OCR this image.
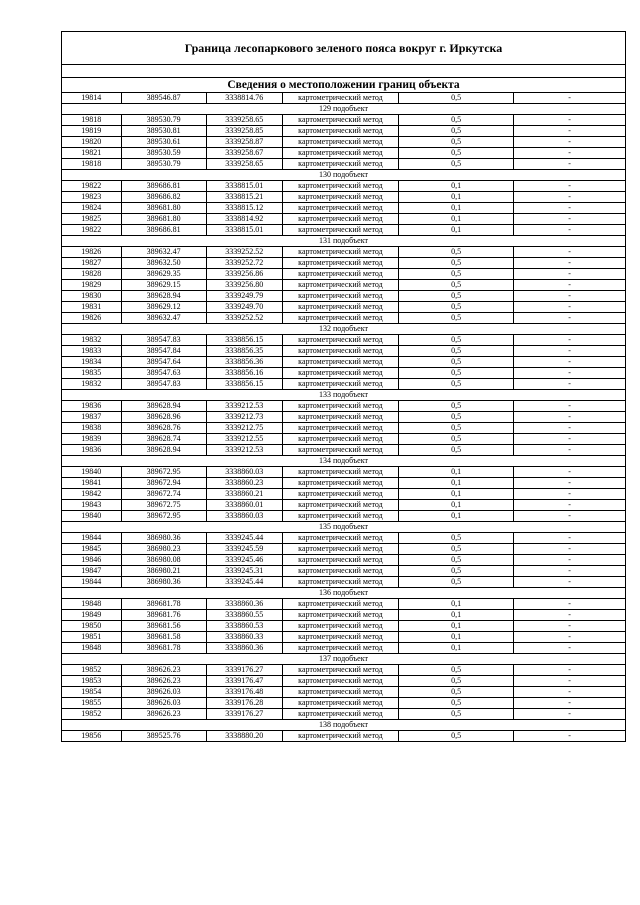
Граница лесопаркового зеленого пояса вокруг г. Иркутска
Сведения о местоположении границ объекта
19814	389546.87	3338814.76	картометрический метод	0,5	-
129 подобъект					
19818	389530.79	3339258.65	картометрический метод	0,5	-
19819	389530.81	3339258.85	картометрический метод	0,5	-
19820	389530.61	3339258.87	картометрический метод	0,5	-
19821	389530.59	3339258.67	картометрический метод	0,5	-
19818	389530.79	3339258.65	картометрический метод	0,5	-
130 подобъект					
19822	389686.81	3338815.01	картометрический метод	0,1	-
19823	389686.82	3338815.21	картометрический метод	0,1	-
19824	389681.80	3338815.12	картометрический метод	0,1	-
19825	389681.80	3338814.92	картометрический метод	0,1	-
19822	389686.81	3338815.01	картометрический метод	0,1	-
131 подобъект					
19826	389632.47	3339252.52	картометрический метод	0,5	-
19827	389632.50	3339252.72	картометрический метод	0,5	-
19828	389629.35	3339256.86	картометрический метод	0,5	-
19829	389629.15	3339256.80	картометрический метод	0,5	-
19830	389628.94	3339249.79	картометрический метод	0,5	-
19831	389629.12	3339249.70	картометрический метод	0,5	-
19826	389632.47	3339252.52	картометрический метод	0,5	-
132 подобъект					
19832	389547.83	3338856.15	картометрический метод	0,5	-
19833	389547.84	3338856.35	картометрический метод	0,5	-
19834	389547.64	3338856.36	картометрический метод	0,5	-
19835	389547.63	3338856.16	картометрический метод	0,5	-
19832	389547.83	3338856.15	картометрический метод	0,5	-
133 подобъект					
19836	389628.94	3339212.53	картометрический метод	0,5	-
19837	389628.96	3339212.73	картометрический метод	0,5	-
19838	389628.76	3339212.75	картометрический метод	0,5	-
19839	389628.74	3339212.55	картометрический метод	0,5	-
19836	389628.94	3339212.53	картометрический метод	0,5	-
134 подобъект					
19840	389672.95	3338860.03	картометрический метод	0,1	-
19841	389672.94	3338860.23	картометрический метод	0,1	-
19842	389672.74	3338860.21	картометрический метод	0,1	-
19843	389672.75	3338860.01	картометрический метод	0,1	-
19840	389672.95	3338860.03	картометрический метод	0,1	-
135 подобъект					
19844	386980.36	3339245.44	картометрический метод	0,5	-
19845	386980.23	3339245.59	картометрический метод	0,5	-
19846	386980.08	3339245.46	картометрический метод	0,5	-
19847	386980.21	3339245.31	картометрический метод	0,5	-
19844	386980.36	3339245.44	картометрический метод	0,5	-
136 подобъект					
19848	389681.78	3338860.36	картометрический метод	0,1	-
19849	389681.76	3338860.55	картометрический метод	0,1	-
19850	389681.56	3338860.53	картометрический метод	0,1	-
19851	389681.58	3338860.33	картометрический метод	0,1	-
19848	389681.78	3338860.36	картометрический метод	0,1	-
137 подобъект					
19852	389626.23	3339176.27	картометрический метод	0,5	-
19853	389626.23	3339176.47	картометрический метод	0,5	-
19854	389626.03	3339176.48	картометрический метод	0,5	-
19855	389626.03	3339176.28	картометрический метод	0,5	-
19852	389626.23	3339176.27	картометрический метод	0,5	-
138 подобъект					
19856	389525.76	3338880.20	картометрический метод	0,5	-
